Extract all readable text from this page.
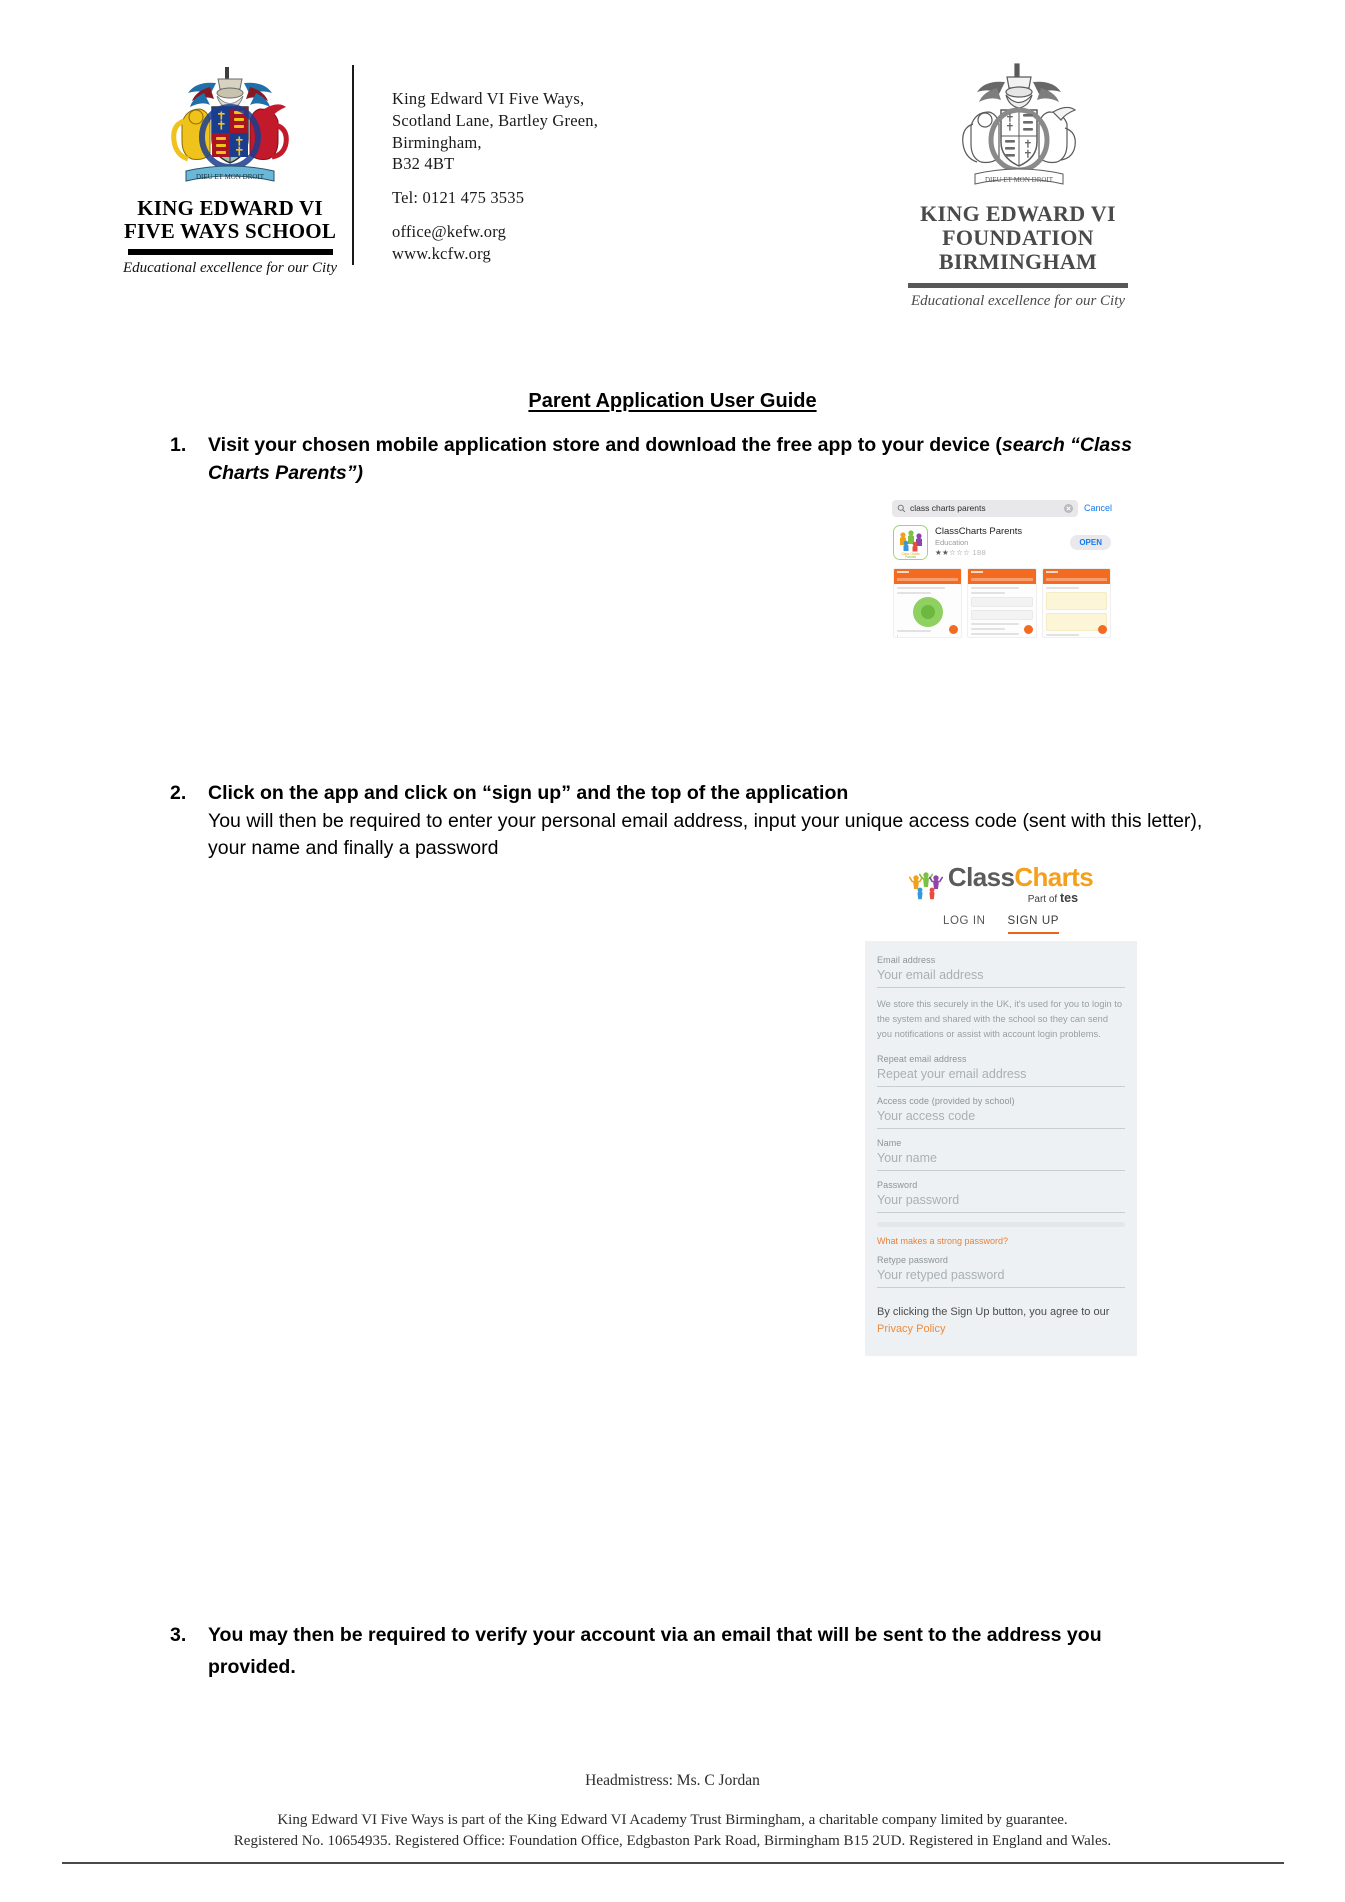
DIEU ET MON DROIT
KING EDWARD VI
FIVE WAYS SCHOOL
Educational excellence for our City
King Edward VI Five Ways,
Scotland Lane, Bartley Green,
Birmingham,
B32 4BT
Tel: 0121 475 3535
office@kefw.org
www.kcfw.org
DIEU ET MON DROIT
KING EDWARD VI
FOUNDATION
BIRMINGHAM
Educational excellence for our City
Parent Application User Guide
1.	Visit your chosen mobile application store and download the free app to your device (search “Class Charts Parents”)
class charts parents	Cancel
Class Charts
Parents
ClassCharts Parents
Education
★★☆☆☆ 188
OPEN
2.	Click on the app and click on “sign up” and the top of the application
You will then be required to enter your personal email address, input your unique access code (sent with this letter), your name and finally a password
ClassCharts
Part of tes
LOG IN SIGN UP
Email address
Your email address
We store this securely in the UK, it's used for you to login to the system and shared with the school so they can send you notifications or assist with account login problems.
Repeat email address
Repeat your email address
Access code (provided by school)
Your access code
Name
Your name
Password
Your password
What makes a strong password?
Retype password
Your retyped password
By clicking the Sign Up button, you agree to our Privacy Policy
3.	You may then be required to verify your account via an email that will be sent to the address you provided.
Headmistress: Ms. C Jordan
King Edward VI Five Ways is part of the King Edward VI Academy Trust Birmingham, a charitable company limited by guarantee.
Registered No. 10654935. Registered Office: Foundation Office, Edgbaston Park Road, Birmingham B15 2UD. Registered in England and Wales.
